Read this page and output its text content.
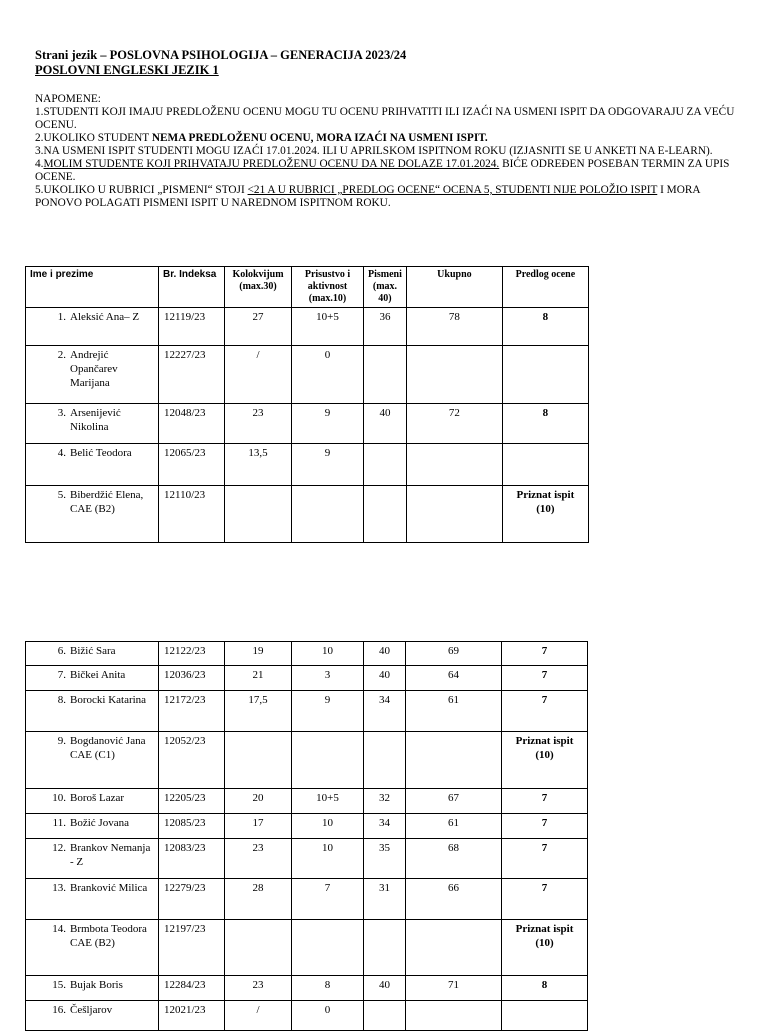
Strani jezik – POSLOVNA PSIHOLOGIJA – GENERACIJA 2023/24
POSLOVNI ENGLESKI JEZIK 1
NAPOMENE:
1.STUDENTI KOJI IMAJU PREDLOŽENU OCENU MOGU TU OCENU PRIHVATITI ILI IZAĆI NA USMENI ISPIT DA ODGOVARAJU ZA VEĆU OCENU.
2.UKOLIKO STUDENT NEMA PREDLOŽENU OCENU, MORA IZAĆI NA USMENI ISPIT.
3.NA USMENI ISPIT STUDENTI MOGU IZAĆI 17.01.2024. ILI U APRILSKOM ISPITNOM ROKU (IZJASNITI SE U ANKETI NA E-LEARN).
4.MOLIM STUDENTE KOJI PRIHVATAJU PREDLOŽENU OCENU DA NE DOLAZE 17.01.2024. BIĆE ODREĐEN POSEBAN TERMIN ZA UPIS OCENE.
5.UKOLIKO U RUBRICI „PISMENI“ STOJI <21 A U RUBRICI „PREDLOG OCENE“ OCENA 5, STUDENTI NIJE POLOŽIO ISPIT I MORA PONOVO POLAGATI PISMENI ISPIT U NAREDNOM ISPITNOM ROKU.
Ime i prezime	Br. Indeksa	Kolokvijum (max.30)	Prisustvo i aktivnost (max.10)	Pismeni (max. 40)	Ukupno	Predlog ocene

1. Aleksić Ana– Z	12119/23	27	10+5	36	78	8

2. Andrejić Opančarev Marijana	12227/23	/	0			

3. Arsenijević Nikolina	12048/23	23	9	40	72	8

4. Belić Teodora	12065/23	13,5	9			

5. Biberdžić Elena, CAE (B2)	12110/23					Priznat ispit (10)
6. Bižić Sara	12122/23	19	10	40	69	7

7. Bičkei Anita	12036/23	21	3	40	64	7

8. Borocki Katarina	12172/23	17,5	9	34	61	7

9. Bogdanović Jana CAE (C1)	12052/23					Priznat ispit (10)

10. Boroš Lazar	12205/23	20	10+5	32	67	7

11. Božić Jovana	12085/23	17	10	34	61	7

12. Brankov Nemanja - Z	12083/23	23	10	35	68	7

13. Branković Milica	12279/23	28	7	31	66	7

14. Brmbota Teodora CAE (B2)	12197/23					Priznat ispit (10)

15. Bujak Boris	12284/23	23	8	40	71	8

16. Češljarov	12021/23	/	0			
